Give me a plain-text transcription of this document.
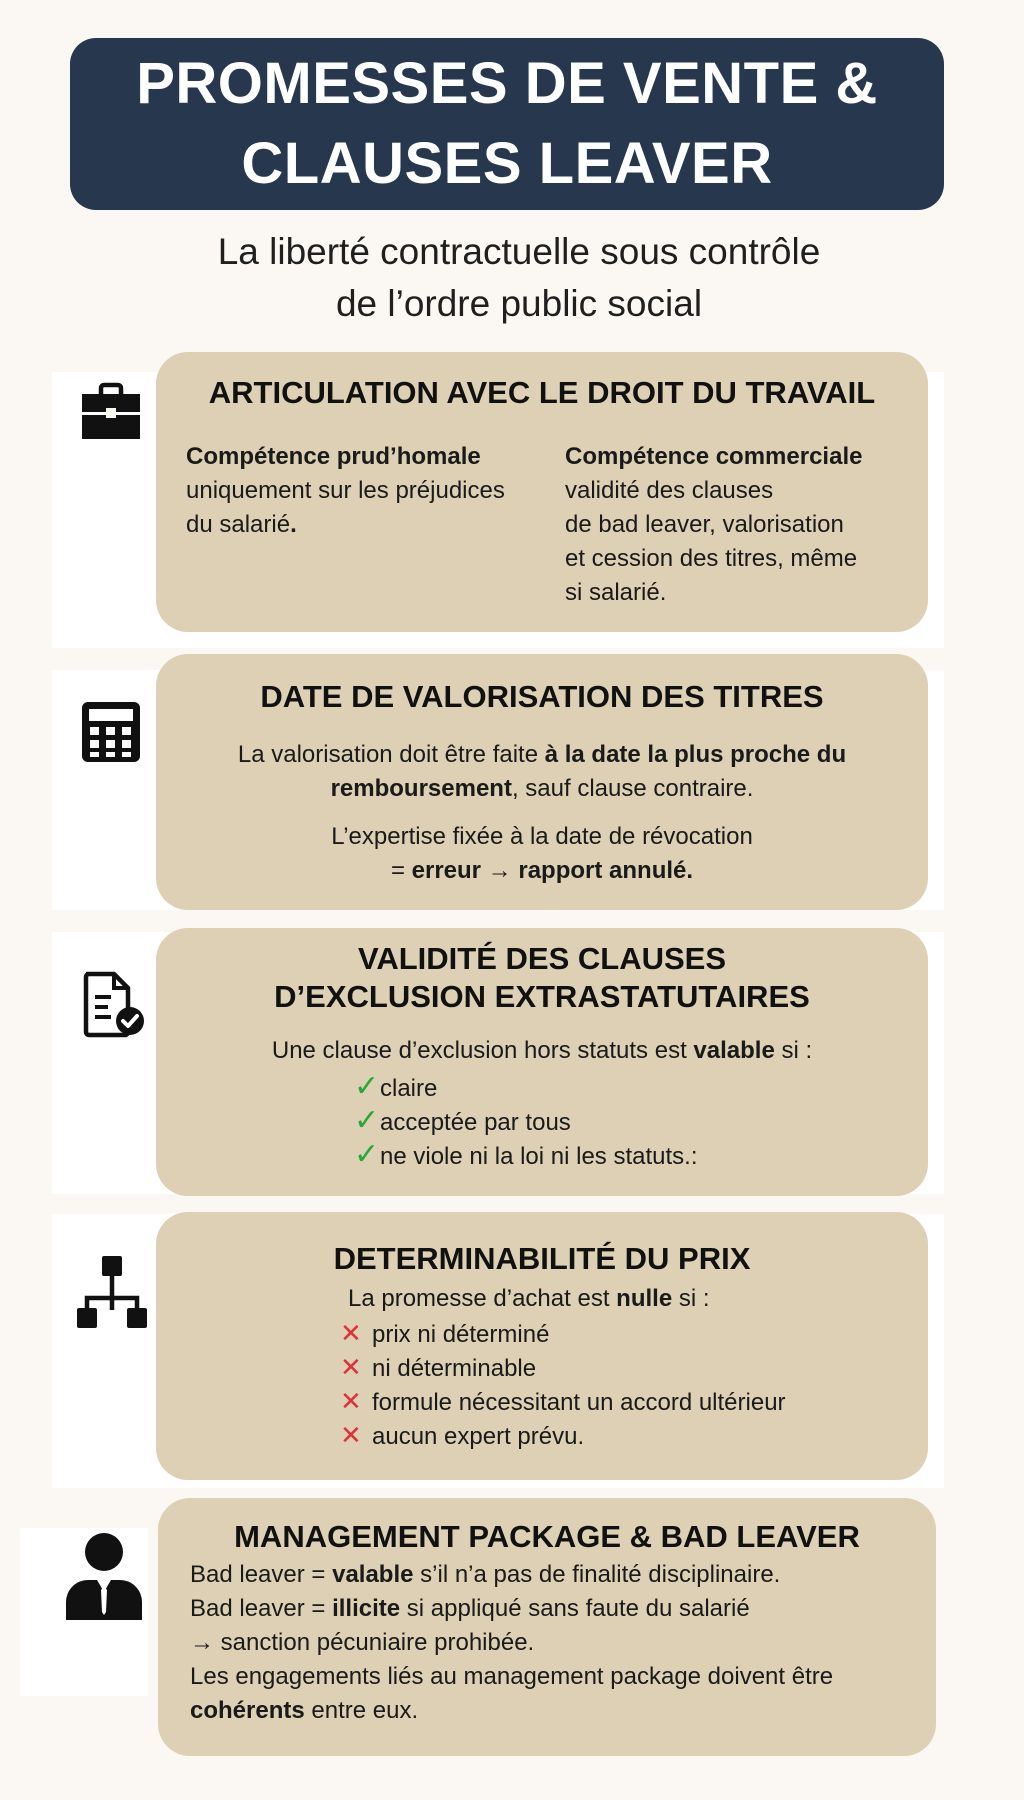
PROMESSES DE VENTE &
CLAUSES LEAVER
La liberté contractuelle sous contrôle
de l’ordre public social
ARTICULATION AVEC LE DROIT DU TRAVAIL
Compétence prud’homale
uniquement sur les préjudices
du salarié.
Compétence commerciale
validité des clauses
de bad leaver, valorisation
et cession des titres, même
si salarié.
DATE DE VALORISATION DES TITRES
La valorisation doit être faite à la date la plus proche du
remboursement, sauf clause contraire.
L’expertise fixée à la date de révocation
= erreur → rapport annulé.
VALIDITÉ DES CLAUSES
D’EXCLUSION EXTRASTATUTAIRES
Une clause d’exclusion hors statuts est valable si :
✓claire
✓acceptée par tous
✓ne viole ni la loi ni les statuts.:
DETERMINABILITÉ DU PRIX
La promesse d’achat est nulle si :
✕ prix ni déterminé
✕ ni déterminable
✕ formule nécessitant un accord ultérieur
✕ aucun expert prévu.
MANAGEMENT PACKAGE & BAD LEAVER
Bad leaver = valable s’il n’a pas de finalité disciplinaire.
Bad leaver = illicite si appliqué sans faute du salarié
→ sanction pécuniaire prohibée.
Les engagements liés au management package doivent être
cohérents entre eux.
